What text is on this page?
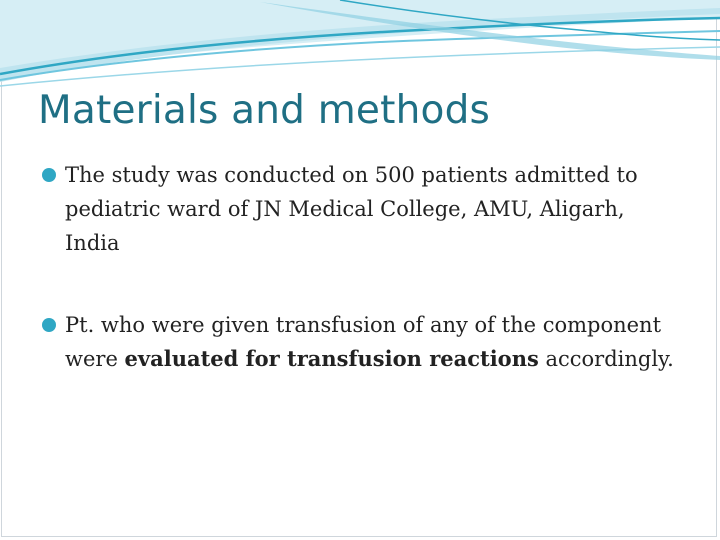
Materials and methods
The study was conducted on 500 patients admitted to pediatric ward of JN Medical College, AMU, Aligarh, India
Pt. who were given transfusion of any of the component were evaluated for transfusion reactions accordingly.
